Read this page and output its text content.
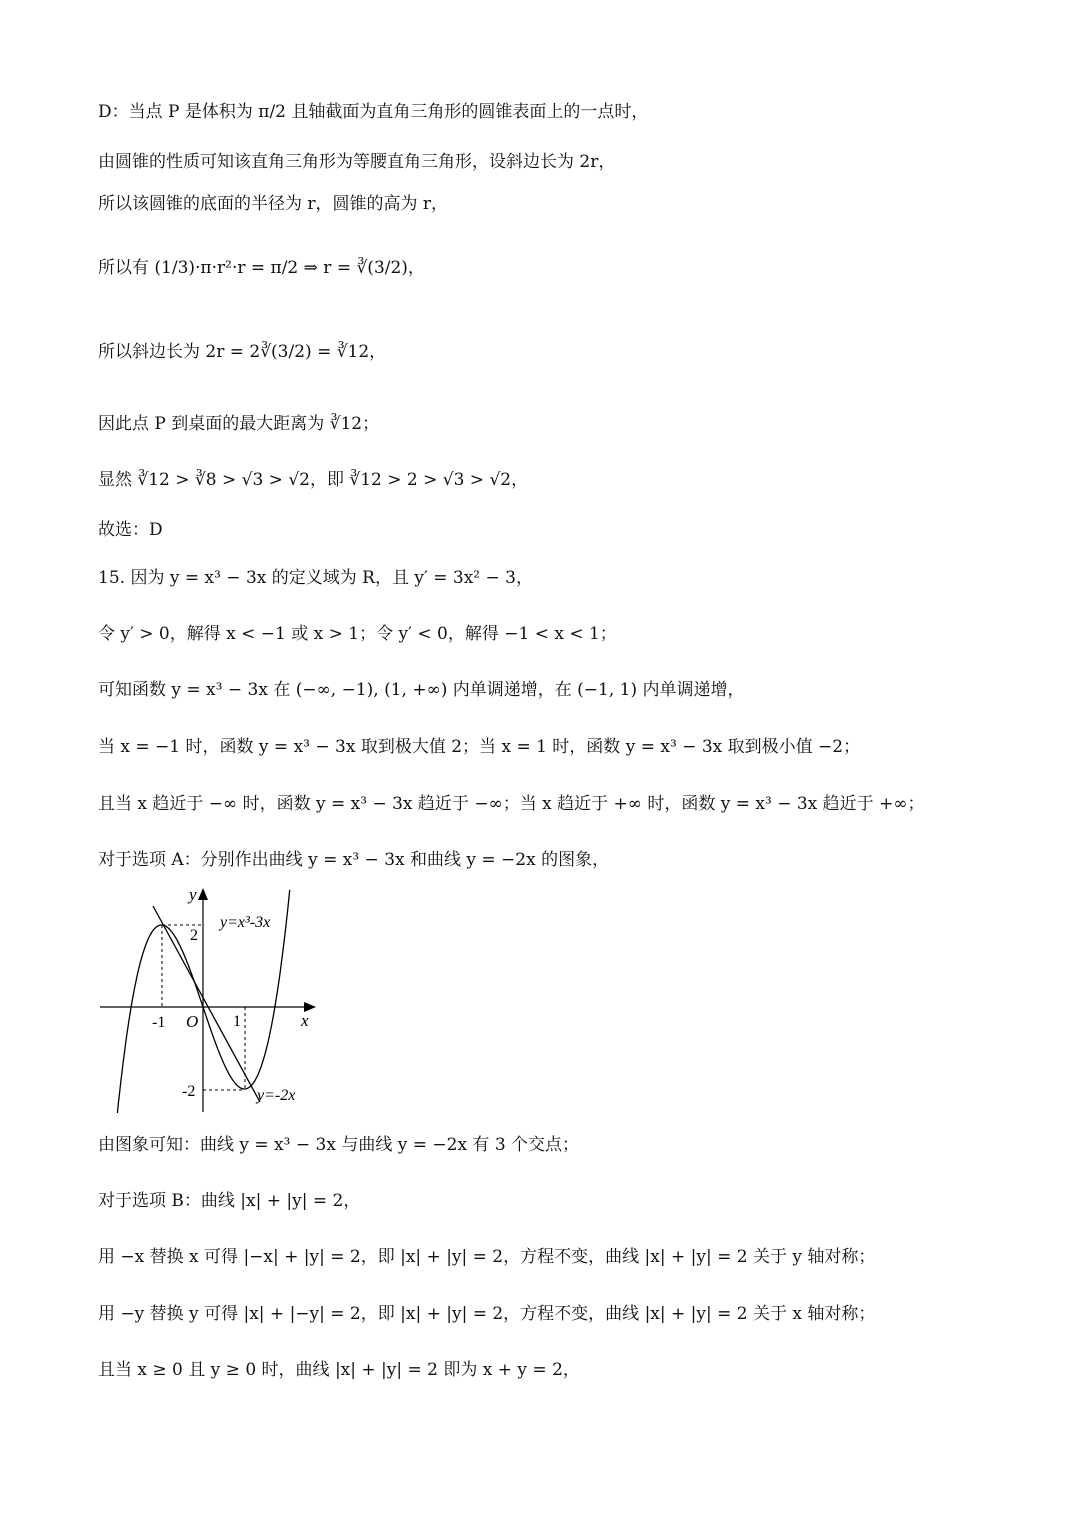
D：当点 P 是体积为 π/2 且轴截面为直角三角形的圆锥表面上的一点时，
由圆锥的性质可知该直角三角形为等腰直角三角形，设斜边长为 2r，
所以该圆锥的底面的半径为 r，圆锥的高为 r，
所以有 (1/3)·π·r²·r = π/2 ⇒ r = ∛(3/2)，
所以斜边长为 2r = 2∛(3/2) = ∛12，
因此点 P 到桌面的最大距离为 ∛12；
显然 ∛12 > ∛8 > √3 > √2，即 ∛12 > 2 > √3 > √2，
故选：D
15. 因为 y = x³ − 3x 的定义域为 R，且 y′ = 3x² − 3，
令 y′ > 0，解得 x < −1 或 x > 1；令 y′ < 0，解得 −1 < x < 1；
可知函数 y = x³ − 3x 在 (−∞, −1), (1, +∞) 内单调递增，在 (−1, 1) 内单调递增，
当 x = −1 时，函数 y = x³ − 3x 取到极大值 2；当 x = 1 时，函数 y = x³ − 3x 取到极小值 −2；
且当 x 趋近于 −∞ 时，函数 y = x³ − 3x 趋近于 −∞；当 x 趋近于 +∞ 时，函数 y = x³ − 3x 趋近于 +∞；
对于选项 A：分别作出曲线 y = x³ − 3x 和曲线 y = −2x 的图象，
y
x
O
-1	1
2
-2
y=x³-3x
y=-2x
由图象可知：曲线 y = x³ − 3x 与曲线 y = −2x 有 3 个交点；
对于选项 B：曲线 |x| + |y| = 2，
用 −x 替换 x 可得 |−x| + |y| = 2，即 |x| + |y| = 2，方程不变，曲线 |x| + |y| = 2 关于 y 轴对称；
用 −y 替换 y 可得 |x| + |−y| = 2，即 |x| + |y| = 2，方程不变，曲线 |x| + |y| = 2 关于 x 轴对称；
且当 x ≥ 0 且 y ≥ 0 时，曲线 |x| + |y| = 2 即为 x + y = 2，
